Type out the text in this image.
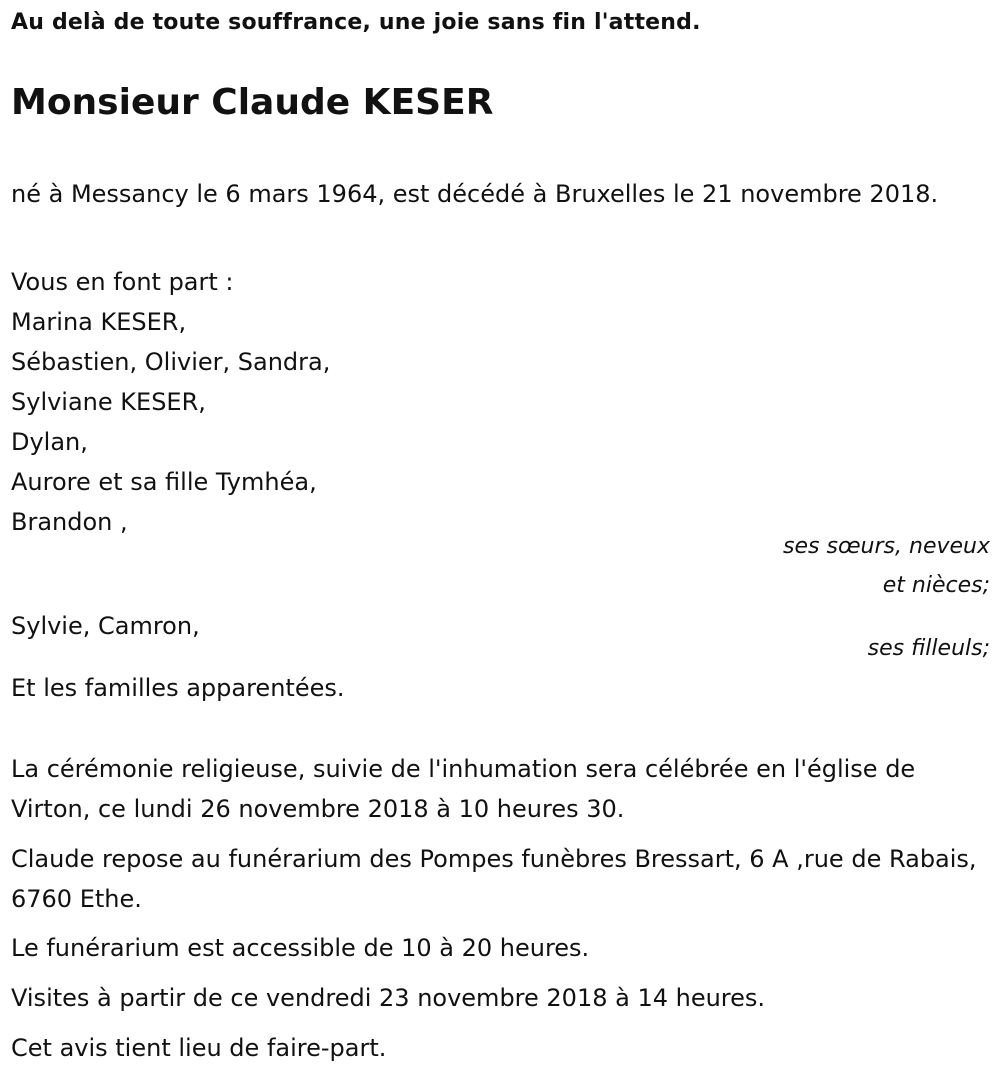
Au delà de toute souffrance, une joie sans fin l'attend.

Monsieur Claude KESER

né à Messancy le 6 mars 1964, est décédé à Bruxelles le 21 novembre 2018.

Vous en font part :

Marina KESER,

Sébastien, Olivier, Sandra,

Sylviane KESER,

Dylan,

Aurore et sa fille Tymhéa,

Brandon ,

ses sœurs, neveux

et nièces;

Sylvie, Camron,

ses filleuls;

Et les familles apparentées.

La cérémonie religieuse, suivie de l'inhumation sera célébrée en l'église de Virton, ce lundi 26 novembre 2018 à 10 heures 30.

Claude repose au funérarium des Pompes funèbres Bressart, 6 A ,rue de Rabais, 6760 Ethe.

Le funérarium est accessible de 10 à 20 heures.

Visites à partir de ce vendredi 23 novembre 2018 à 14 heures.

Cet avis tient lieu de faire-part.
